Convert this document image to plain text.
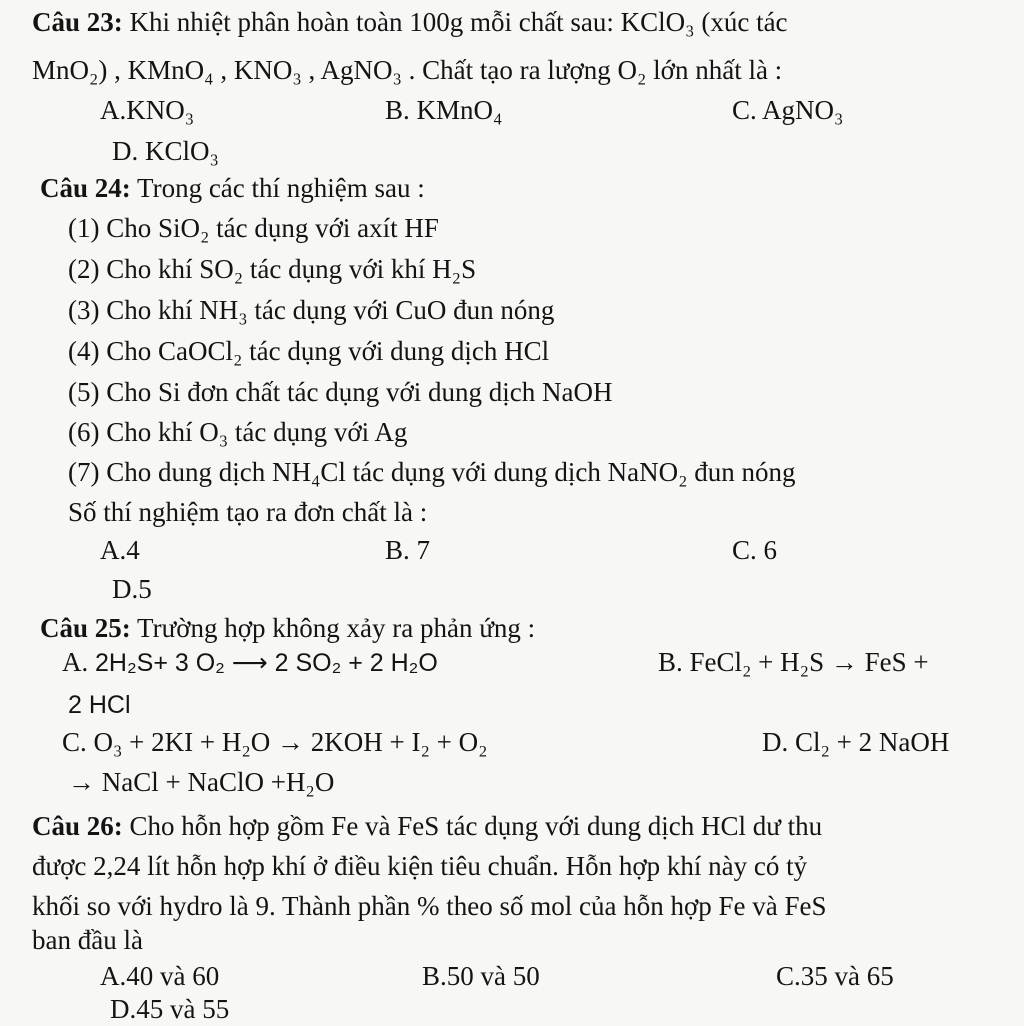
Câu 23: Khi nhiệt phân hoàn toàn 100g mỗi chất sau: KClO₃ (xúc tác
MnO₂) , KMnO₄ , KNO₃ , AgNO₃ . Chất tạo ra lượng O₂ lớn nhất là :
A.KNO₃	B. KMnO₄	C. AgNO₃
D. KClO₃
Câu 24: Trong các thí nghiệm sau :
(1) Cho SiO₂ tác dụng với axít HF
(2) Cho khí SO₂ tác dụng với khí H₂S
(3) Cho khí NH₃ tác dụng với CuO đun nóng
(4) Cho CaOCl₂ tác dụng với dung dịch HCl
(5) Cho Si đơn chất tác dụng với dung dịch NaOH
(6) Cho khí O₃ tác dụng với Ag
(7) Cho dung dịch NH₄Cl tác dụng với dung dịch NaNO₂ đun nóng
Số thí nghiệm tạo ra đơn chất là :
A.4	B. 7	C. 6
D.5
Câu 25: Trường hợp không xảy ra phản ứng :
A. 2H₂S+ 3 O₂ ⟶ 2 SO₂ + 2 H₂O	B. FeCl₂ + H₂S → FeS +
2 HCl
C. O₃ + 2KI + H₂O → 2KOH + I₂ + O₂	D. Cl₂ + 2 NaOH
→ NaCl + NaClO +H₂O
Câu 26: Cho hỗn hợp gồm Fe và FeS tác dụng với dung dịch HCl dư thu
được 2,24 lít hỗn hợp khí ở điều kiện tiêu chuẩn. Hỗn hợp khí này có tỷ
khối so với hydro là 9. Thành phần % theo số mol của hỗn hợp Fe và FeS
ban đầu là
A.40 và 60	B.50 và 50	C.35 và 65
D.45 và 55
